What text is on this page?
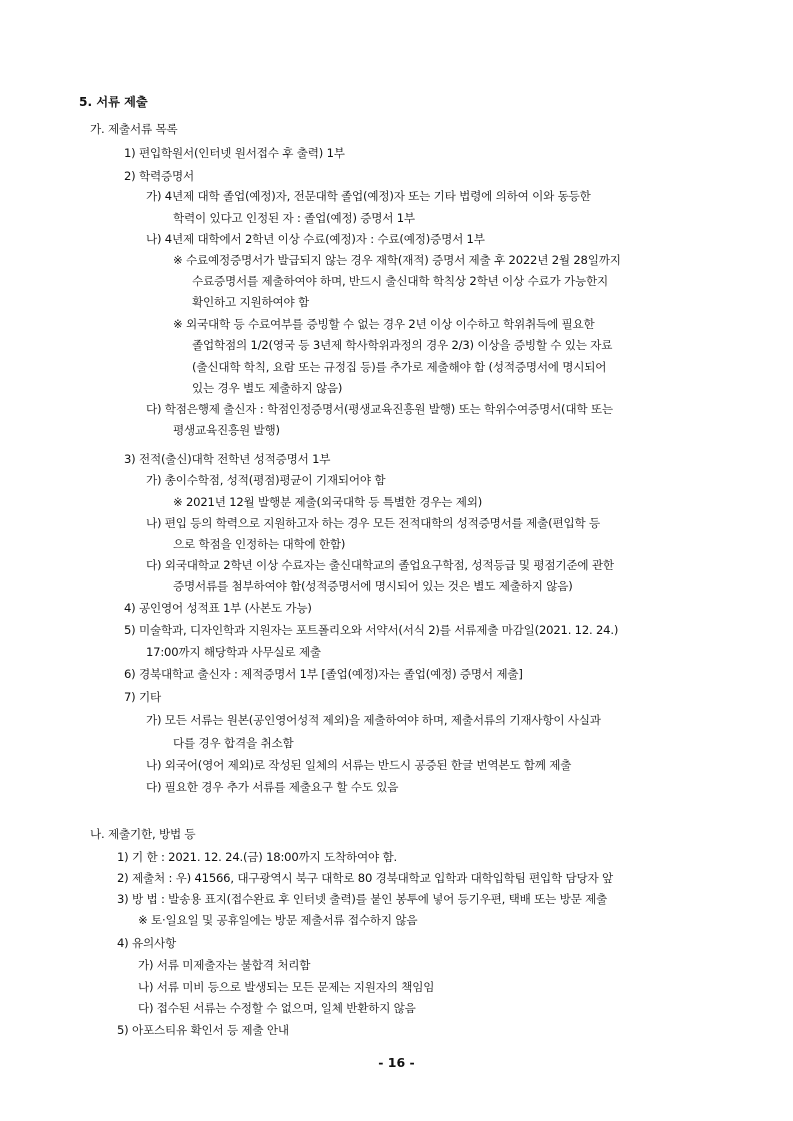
5. 서류 제출
가. 제출서류 목록
1) 편입학원서(인터넷 원서접수 후 출력) 1부
2) 학력증명서
가) 4년제 대학 졸업(예정)자, 전문대학 졸업(예정)자 또는 기타 법령에 의하여 이와 동등한
학력이 있다고 인정된 자 : 졸업(예정) 증명서 1부
나) 4년제 대학에서 2학년 이상 수료(예정)자 : 수료(예정)증명서 1부
※ 수료예정증명서가 발급되지 않는 경우 재학(재적) 증명서 제출 후 2022년 2월 28일까지
수료증명서를 제출하여야 하며, 반드시 출신대학 학칙상 2학년 이상 수료가 가능한지
확인하고 지원하여야 함
※ 외국대학 등 수료여부를 증빙할 수 없는 경우 2년 이상 이수하고 학위취득에 필요한
졸업학점의 1/2(영국 등 3년제 학사학위과정의 경우 2/3) 이상을 증빙할 수 있는 자료
(출신대학 학칙, 요람 또는 규정집 등)를 추가로 제출해야 함 (성적증명서에 명시되어
있는 경우 별도 제출하지 않음)
다) 학점은행제 출신자 : 학점인정증명서(평생교육진흥원 발행) 또는 학위수여증명서(대학 또는
평생교육진흥원 발행)
3) 전적(출신)대학 전학년 성적증명서 1부
가) 총이수학점, 성적(평점)평균이 기재되어야 함
※ 2021년 12월 발행분 제출(외국대학 등 특별한 경우는 제외)
나) 편입 등의 학력으로 지원하고자 하는 경우 모든 전적대학의 성적증명서를 제출(편입학 등
으로 학점을 인정하는 대학에 한함)
다) 외국대학교 2학년 이상 수료자는 출신대학교의 졸업요구학점, 성적등급 및 평점기준에 관한
증명서류를 첨부하여야 함(성적증명서에 명시되어 있는 것은 별도 제출하지 않음)
4) 공인영어 성적표 1부 (사본도 가능)
5) 미술학과, 디자인학과 지원자는 포트폴리오와 서약서(서식 2)를 서류제출 마감일(2021. 12. 24.)
17:00까지 해당학과 사무실로 제출
6) 경북대학교 출신자 : 제적증명서 1부 [졸업(예정)자는 졸업(예정) 증명서 제출]
7) 기타
가) 모든 서류는 원본(공인영어성적 제외)을 제출하여야 하며, 제출서류의 기재사항이 사실과
다를 경우 합격을 취소함
나) 외국어(영어 제외)로 작성된 일체의 서류는 반드시 공증된 한글 번역본도 함께 제출
다) 필요한 경우 추가 서류를 제출요구 할 수도 있음
나. 제출기한, 방법 등
1) 기 한 : 2021. 12. 24.(금) 18:00까지 도착하여야 함.
2) 제출처 : 우) 41566, 대구광역시 북구 대학로 80 경북대학교 입학과 대학입학팀 편입학 담당자 앞
3) 방 법 : 발송용 표지(접수완료 후 인터넷 출력)를 붙인 봉투에 넣어 등기우편, 택배 또는 방문 제출
※ 토·일요일 및 공휴일에는 방문 제출서류 접수하지 않음
4) 유의사항
가) 서류 미제출자는 불합격 처리함
나) 서류 미비 등으로 발생되는 모든 문제는 지원자의 책임임
다) 접수된 서류는 수정할 수 없으며, 일체 반환하지 않음
5) 아포스티유 확인서 등 제출 안내
- 16 -
